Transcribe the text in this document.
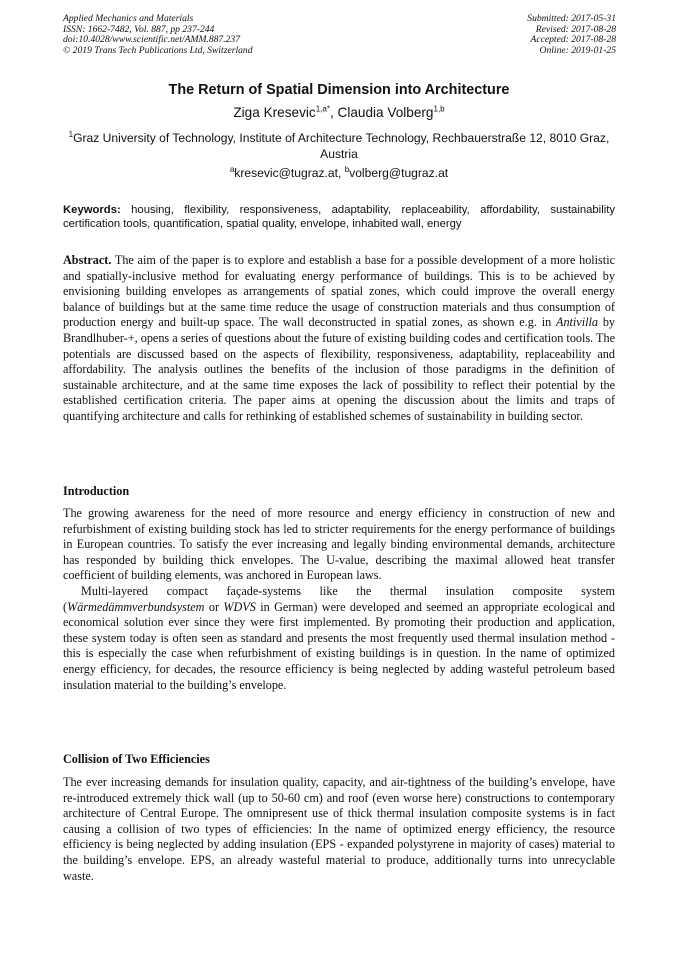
Applied Mechanics and Materials
ISSN: 1662-7482, Vol. 887, pp 237-244
doi:10.4028/www.scientific.net/AMM.887.237
© 2019 Trans Tech Publications Ltd, Switzerland
Submitted: 2017-05-31
Revised: 2017-08-28
Accepted: 2017-08-28
Online: 2019-01-25
The Return of Spatial Dimension into Architecture
Ziga Kresevic$^{1,a*}$, Claudia Volberg$^{1,b}$
$^1$Graz University of Technology, Institute of Architecture Technology, Rechbauerstraße 12, 8010 Graz, Austria
$^a$kresevic@tugraz.at, $^b$volberg@tugraz.at
Keywords: housing, flexibility, responsiveness, adaptability, replaceability, affordability, sustainability certification tools, quantification, spatial quality, envelope, inhabited wall, energy

Abstract. The aim of the paper is to explore and establish a base for a possible development of a more holistic and spatially-inclusive method for evaluating energy performance of buildings. This is to be achieved by envisioning building envelopes as arrangements of spatial zones, which could improve the overall energy balance of buildings but at the same time reduce the usage of construction materials and thus consumption of production energy and built-up space. The wall deconstructed in spatial zones, as shown e.g. in Antivilla by Brandlhuber-+, opens a series of questions about the future of existing building codes and certification tools. The potentials are discussed based on the aspects of flexibility, responsiveness, adaptability, replaceability and affordability. The analysis outlines the benefits of the inclusion of those paradigms in the definition of sustainable architecture, and at the same time exposes the lack of possibility to reflect their potential by the established certification criteria. The paper aims at opening the discussion about the limits and traps of quantifying architecture and calls for rethinking of established schemes of sustainability in building sector.

Introduction

The growing awareness for the need of more resource and energy efficiency in construction of new and refurbishment of existing building stock has led to stricter requirements for the energy performance of buildings in European countries. To satisfy the ever increasing and legally binding environmental demands, architecture has responded by building thick envelopes. The U-value, describing the maximal allowed heat transfer coefficient of building elements, was anchored in European laws.

Multi-layered compact façade-systems like the thermal insulation composite system (Wärmedämmverbundsystem or WDVS in German) were developed and seemed an appropriate ecological and economical solution ever since they were first implemented. By promoting their production and application, these system today is often seen as standard and presents the most frequently used thermal insulation method - this is especially the case when refurbishment of existing buildings is in question. In the name of optimized energy efficiency, for decades, the resource efficiency is being neglected by adding wasteful petroleum based insulation material to the building’s envelope.

Collision of Two Efficiencies

The ever increasing demands for insulation quality, capacity, and air-tightness of the building’s envelope, have re-introduced extremely thick wall (up to 50-60 cm) and roof (even worse here) constructions to contemporary architecture of Central Europe. The omnipresent use of thick thermal insulation composite systems is in fact causing a collision of two types of efficiencies: In the name of optimized energy efficiency, the resource efficiency is being neglected by adding insulation (EPS - expanded polystyrene in majority of cases) material to the building’s envelope. EPS, an already wasteful material to produce, additionally turns into unrecyclable waste.
